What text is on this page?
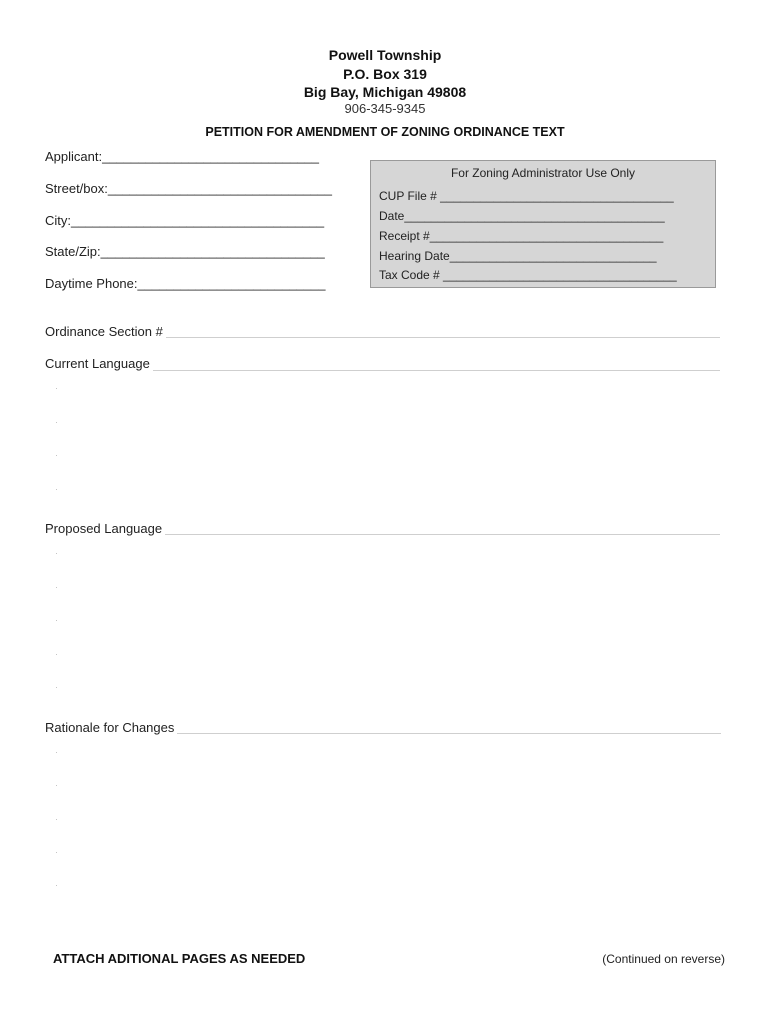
Powell Township
P.O. Box 319
Big Bay, Michigan 49808
906-345-9345
PETITION FOR AMENDMENT OF ZONING ORDINANCE TEXT
Applicant:______________________________
Street/box:_______________________________
City:___________________________________
State/Zip:_______________________________
Daytime Phone:__________________________
For Zoning Administrator Use Only
CUP File # ___________________________________
Date_______________________________________
Receipt #___________________________________
Hearing Date_______________________________
Tax Code # ___________________________________
Ordinance Section #
Current Language
·
·
·
·
Proposed Language
·
·
·
·
·
Rationale for Changes
·
·
·
·
·
ATTACH ADITIONAL PAGES AS NEEDED	(Continued on reverse)
